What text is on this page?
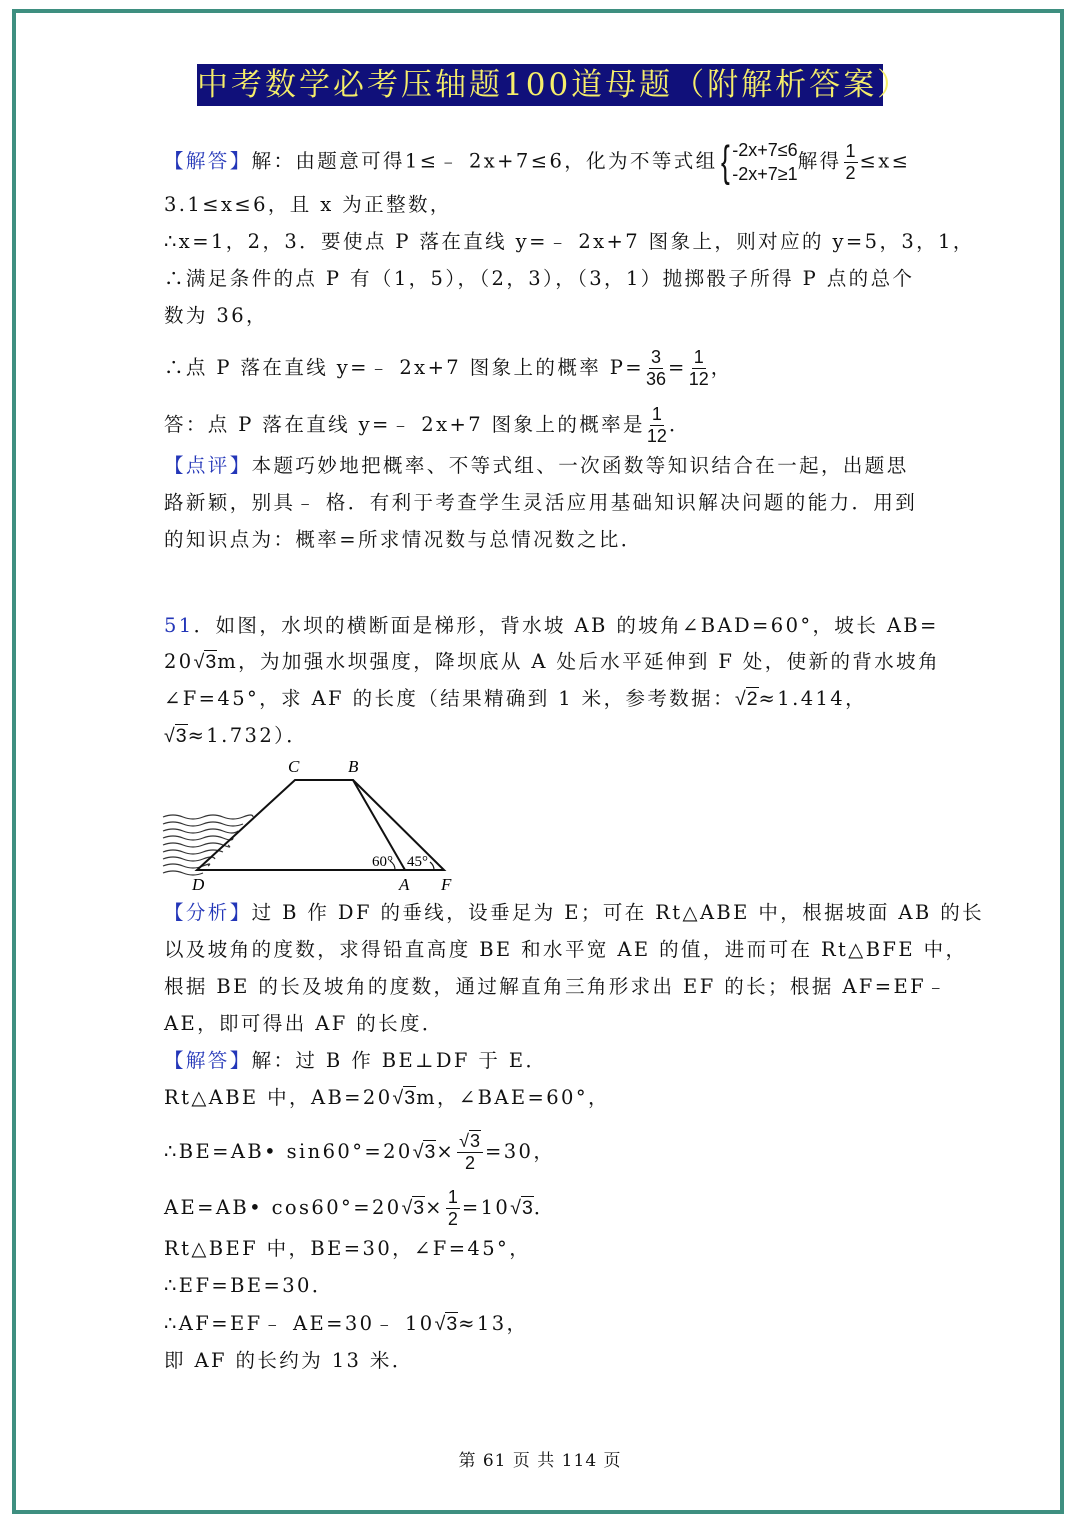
中考数学必考压轴题100道母题（附解析答案）
【解答】解：由题意可得1≤﹣ 2x+7≤6，化为不等式组 { -2x+7≤6
-2x+7≥1
解得 $\frac{1}{2} \le x\le$
3.1≤x≤6，且 x 为正整数，
∴x=1，2，3．要使点 P 落在直线 y=﹣ 2x+7 图象上，则对应的 y=5，3，1，
∴满足条件的点 P 有（1，5），（2，3），（3，1）抛掷骰子所得 P 点的总个
数为 36，
∴点 P 落在直线 y=﹣ 2x+7 图象上的概率 $P= \frac{3}{36} = \frac{1}{12}$ ，
答：点 P 落在直线 y=﹣ 2x+7 图象上的概率是 $\frac{1}{12}$ ．
【点评】本题巧妙地把概率、不等式组、一次函数等知识结合在一起，出题思
路新颖，别具﹣ 格．有利于考查学生灵活应用基础知识解决问题的能力．用到
的知识点为：概率=所求情况数与总情况数之比．
51．如图，水坝的横断面是梯形，背水坡 AB 的坡角∠BAD=60°，坡长 AB=
20√3m，为加强水坝强度，降坝底从 A 处后水平延伸到 F 处，使新的背水坡角
∠F=45°，求 AF 的长度（结果精确到 1 米，参考数据：√2≈1.414，
√3≈1.732）．
C	B
D	A F
60° 45°
【分析】过 B 作 DF 的垂线，设垂足为 E；可在 Rt△ABE 中，根据坡面 AB 的长
以及坡角的度数，求得铅直高度 BE 和水平宽 AE 的值，进而可在 Rt△BFE 中，
根据 BE 的长及坡角的度数，通过解直角三角形求出 EF 的长；根据 AF=EF﹣
AE，即可得出 AF 的长度．
【解答】解：过 B 作 BE⊥DF 于 E．
Rt△ABE 中，AB=20√3m，∠BAE=60°，
∴BE=AB• $\sin 60^\circ=20√3\times \frac{√3}{2} =30$，
AE=AB• $\cos 60^\circ=20√3\times \frac{1}{2} =10√3$．
Rt△BEF 中，BE=30，∠F=45°，
∴EF=BE=30．
∴AF=EF﹣ AE=30﹣ 10√3≈13，
即 AF 的长约为 13 米．
第 61 页 共 114 页
